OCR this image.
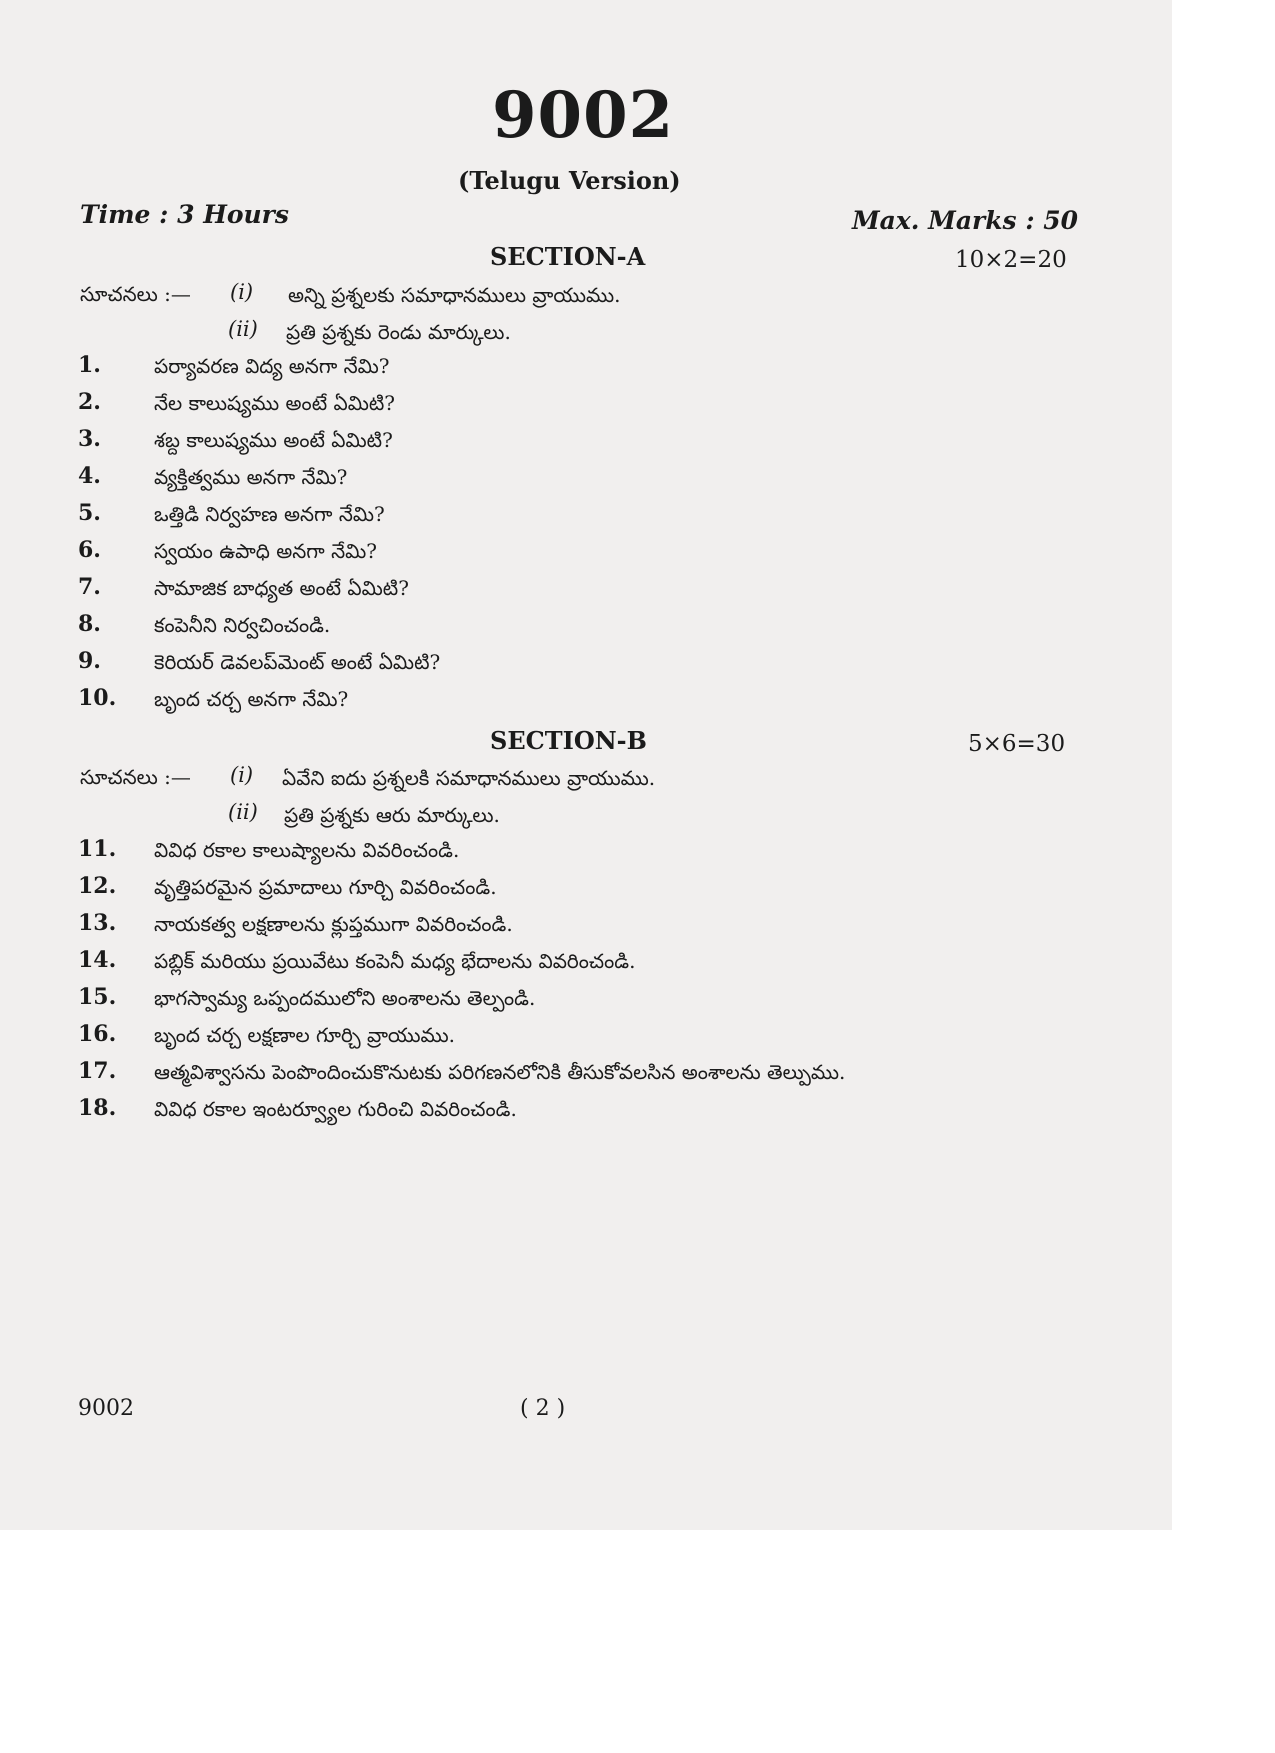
9002
(Telugu Version)
Time : 3 Hours	Max. Marks : 50
SECTION-A	10×2=20
సూచనలు :— (i) అన్ని ప్రశ్నలకు సమాధానములు వ్రాయుము.
(ii) ప్రతి ప్రశ్నకు రెండు మార్కులు.
1.	పర్యావరణ విద్య అనగా నేమి?
2.	నేల కాలుష్యము అంటే ఏమిటి?
3.	శబ్ద కాలుష్యము అంటే ఏమిటి?
4.	వ్యక్తిత్వము అనగా నేమి?
5.	ఒత్తిడి నిర్వహణ అనగా నేమి?
6.	స్వయం ఉపాధి అనగా నేమి?
7.	సామాజిక బాధ్యత అంటే ఏమిటి?
8.	కంపెనీని నిర్వచించండి.
9.	కెరియర్ డెవలప్‌మెంట్ అంటే ఏమిటి?
10. బృంద చర్చ అనగా నేమి?
SECTION-B	5×6=30
సూచనలు :— (i) ఏవేని ఐదు ప్రశ్నలకి సమాధానములు వ్రాయుము.
(ii) ప్రతి ప్రశ్నకు ఆరు మార్కులు.
11. వివిధ రకాల కాలుష్యాలను వివరించండి.
12. వృత్తిపరమైన ప్రమాదాలు గూర్చి వివరించండి.
13. నాయకత్వ లక్షణాలను క్లుప్తముగా వివరించండి.
14. పబ్లిక్ మరియు ప్రయివేటు కంపెనీ మధ్య భేదాలను వివరించండి.
15. భాగస్వామ్య ఒప్పందములోని అంశాలను తెల్పండి.
16. బృంద చర్చ లక్షణాల గూర్చి వ్రాయుము.
17. ఆత్మవిశ్వాసను పెంపొందించుకొనుటకు పరిగణనలోనికి తీసుకోవలసిన అంశాలను తెల్పుము.
18. వివిధ రకాల ఇంటర్వ్యూల గురించి వివరించండి.
9002	( 2 )
